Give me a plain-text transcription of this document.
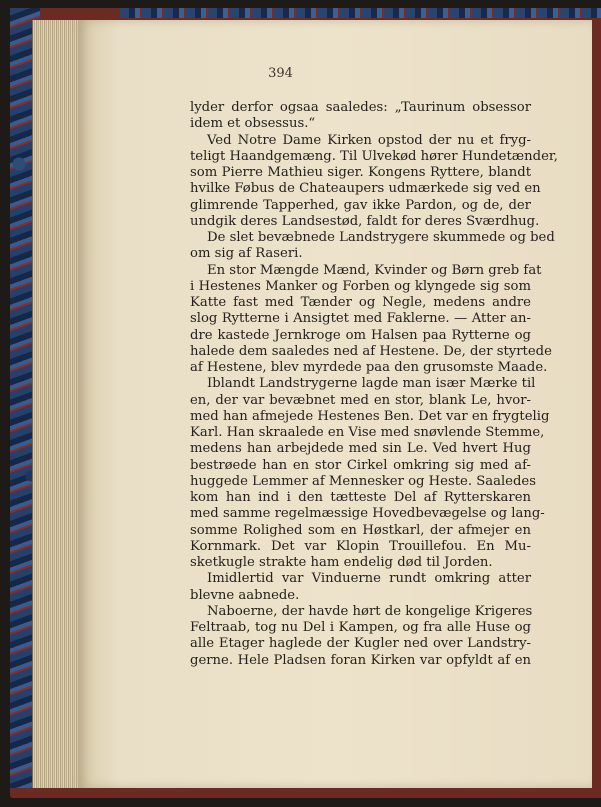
394
lyder derfor ogsaa saaledes: „Taurinum obsessor
idem et obsessus.“
Ved Notre Dame Kirken opstod der nu et fryg-
teligt Haandgemæng. Til Ulvekød hører Hundetænder,
som Pierre Mathieu siger. Kongens Ryttere, blandt
hvilke Føbus de Chateaupers udmærkede sig ved en
glimrende Tapperhed, gav ikke Pardon, og de, der
undgik deres Landsestød, faldt for deres Sværdhug.
De slet bevæbnede Landstrygere skummede og bed
om sig af Raseri.
En stor Mængde Mænd, Kvinder og Børn greb fat
i Hestenes Manker og Forben og klyngede sig som
Katte fast med Tænder og Negle, medens andre
slog Rytterne i Ansigtet med Faklerne. — Atter an-
dre kastede Jernkroge om Halsen paa Rytterne og
halede dem saaledes ned af Hestene. De, der styrtede
af Hestene, blev myrdede paa den grusomste Maade.
Iblandt Landstrygerne lagde man især Mærke til
en, der var bevæbnet med en stor, blank Le, hvor-
med han afmejede Hestenes Ben. Det var en frygtelig
Karl. Han skraalede en Vise med snøvlende Stemme,
medens han arbejdede med sin Le. Ved hvert Hug
bestrøede han en stor Cirkel omkring sig med af-
huggede Lemmer af Mennesker og Heste. Saaledes
kom han ind i den tætteste Del af Rytterskaren
med samme regelmæssige Hovedbevægelse og lang-
somme Rolighed som en Høstkarl, der afmejer en
Kornmark. Det var Klopin Trouillefou. En Mu-
sketkugle strakte ham endelig død til Jorden.
Imidlertid var Vinduerne rundt omkring atter
blevne aabnede.
Naboerne, der havde hørt de kongelige Krigeres
Feltraab, tog nu Del i Kampen, og fra alle Huse og
alle Etager haglede der Kugler ned over Landstry-
gerne. Hele Pladsen foran Kirken var opfyldt af en
